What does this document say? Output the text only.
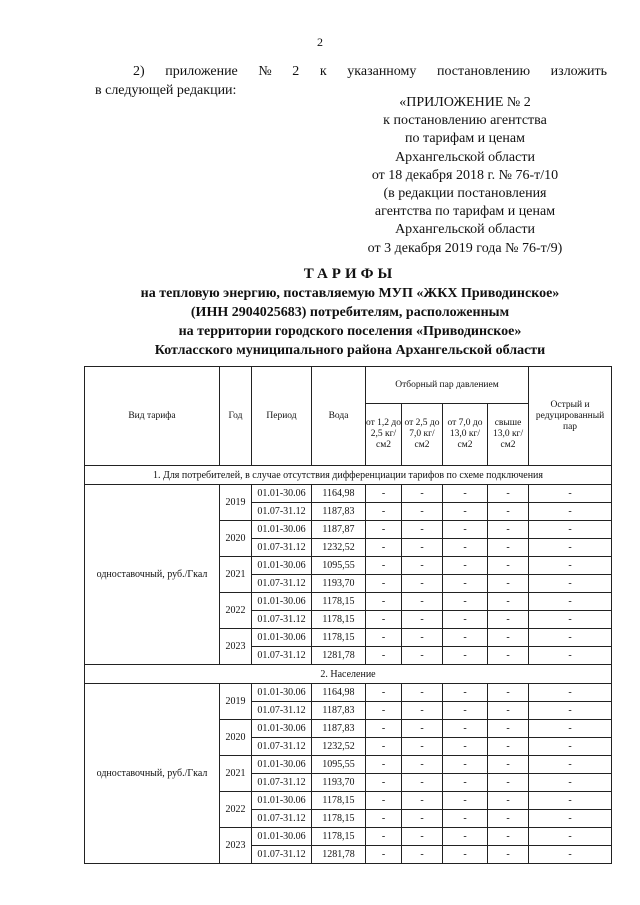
2
2) приложение № 2 к указанному постановлению изложить
в следующей редакции:
«ПРИЛОЖЕНИЕ № 2
к постановлению агентства
по тарифам и ценам
Архангельской области
от 18 декабря 2018 г. № 76-т/10
(в редакции постановления
агентства по тарифам и ценам
Архангельской области
от 3 декабря 2019 года № 76-т/9)
ТАРИФЫ
на тепловую энергию, поставляемую МУП «ЖКХ Приводинское»
(ИНН 2904025683) потребителям, расположенным
на территории городского поселения «Приводинское»
Котласского муниципального района Архангельской области
Вид тарифа	Год	Период	Вода	Отборный пар давлением				Острый и редуцированный пар
				от 1,2 до 2,5 кг/см2	от 2,5 до 7,0 кг/см2	от 7,0 до 13,0 кг/см2	свыше 13,0 кг/см2	
1. Для потребителей, в случае отсутствия дифференциации тарифов по схеме подключения								
одноставочный, руб./Гкал	2019	01.01-30.06	1164,98	-	-	-	-	-
		01.07-31.12	1187,83	-	-	-	-	-
	2020	01.01-30.06	1187,87	-	-	-	-	-
		01.07-31.12	1232,52	-	-	-	-	-
	2021	01.01-30.06	1095,55	-	-	-	-	-
		01.07-31.12	1193,70	-	-	-	-	-
	2022	01.01-30.06	1178,15	-	-	-	-	-
		01.07-31.12	1178,15	-	-	-	-	-
	2023	01.01-30.06	1178,15	-	-	-	-	-
		01.07-31.12	1281,78	-	-	-	-	-
2. Население								
одноставочный, руб./Гкал	2019	01.01-30.06	1164,98	-	-	-	-	-
		01.07-31.12	1187,83	-	-	-	-	-
	2020	01.01-30.06	1187,83	-	-	-	-	-
		01.07-31.12	1232,52	-	-	-	-	-
	2021	01.01-30.06	1095,55	-	-	-	-	-
		01.07-31.12	1193,70	-	-	-	-	-
	2022	01.01-30.06	1178,15	-	-	-	-	-
		01.07-31.12	1178,15	-	-	-	-	-
	2023	01.01-30.06	1178,15	-	-	-	-	-
		01.07-31.12	1281,78	-	-	-	-	-
